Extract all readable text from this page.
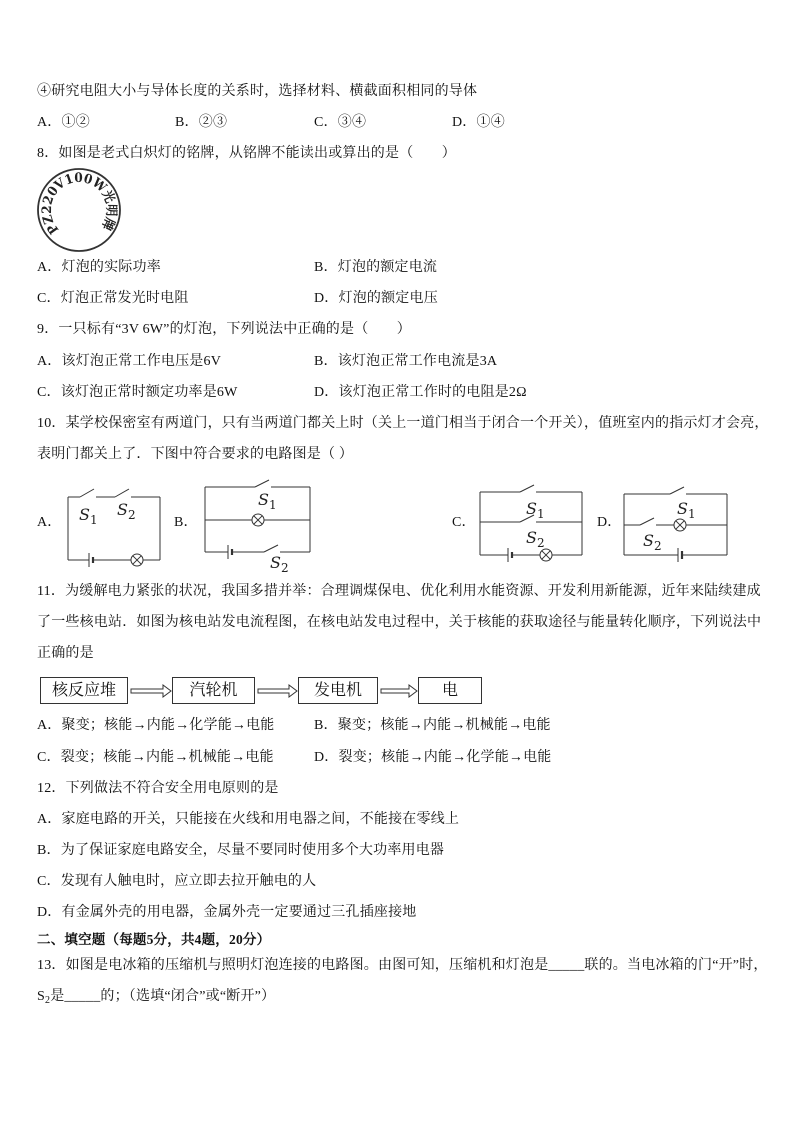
④研究电阻大小与导体长度的关系时，选择材料、横截面积相同的导体
A．①②	B．②③	C．③④	D．①④
8．如图是老式白炽灯的铭牌，从铭牌不能读出或算出的是（　　）
PZ220V100W光明牌
A．灯泡的实际功率	B．灯泡的额定电流
C．灯泡正常发光时电阻	D．灯泡的额定电压
9．一只标有“3V 6W”的灯泡，下列说法中正确的是（　　）
A．该灯泡正常工作电压是6V	B．该灯泡正常工作电流是3A
C．该灯泡正常时额定功率是6W	D．该灯泡正常工作时的电阻是2Ω
10．某学校保密室有两道门，只有当两道门都关上时（关上一道门相当于闭合一个开关），值班室内的指示灯才会亮，
表明门都关上了．下图中符合要求的电路图是（ ）
A． S1
S2	B．
S1
S2
C．
S1
S2
D．
S1
S2
11．为缓解电力紧张的状况，我国多措并举：合理调煤保电、优化利用水能资源、开发利用新能源，近年来陆续建成
了一些核电站．如图为核电站发电流程图，在核电站发电过程中，关于核能的获取途径与能量转化顺序，下列说法中
正确的是
核反应堆	汽轮机	发电机	电
A．聚变；核能→内能→化学能→电能	B．聚变；核能→内能→机械能→电能
C．裂变；核能→内能→机械能→电能	D．裂变；核能→内能→化学能→电能
12．下列做法不符合安全用电原则的是
A．家庭电路的开关，只能接在火线和用电器之间，不能接在零线上
B．为了保证家庭电路安全，尽量不要同时使用多个大功率用电器
C．发现有人触电时，应立即去拉开触电的人
D．有金属外壳的用电器，金属外壳一定要通过三孔插座接地
二、填空题（每题5分，共4题，20分）
13．如图是电冰箱的压缩机与照明灯泡连接的电路图。由图可知，压缩机和灯泡是_____联的。当电冰箱的门“开”时，
$S_2$是_____的；（选填“闭合”或“断开”）
